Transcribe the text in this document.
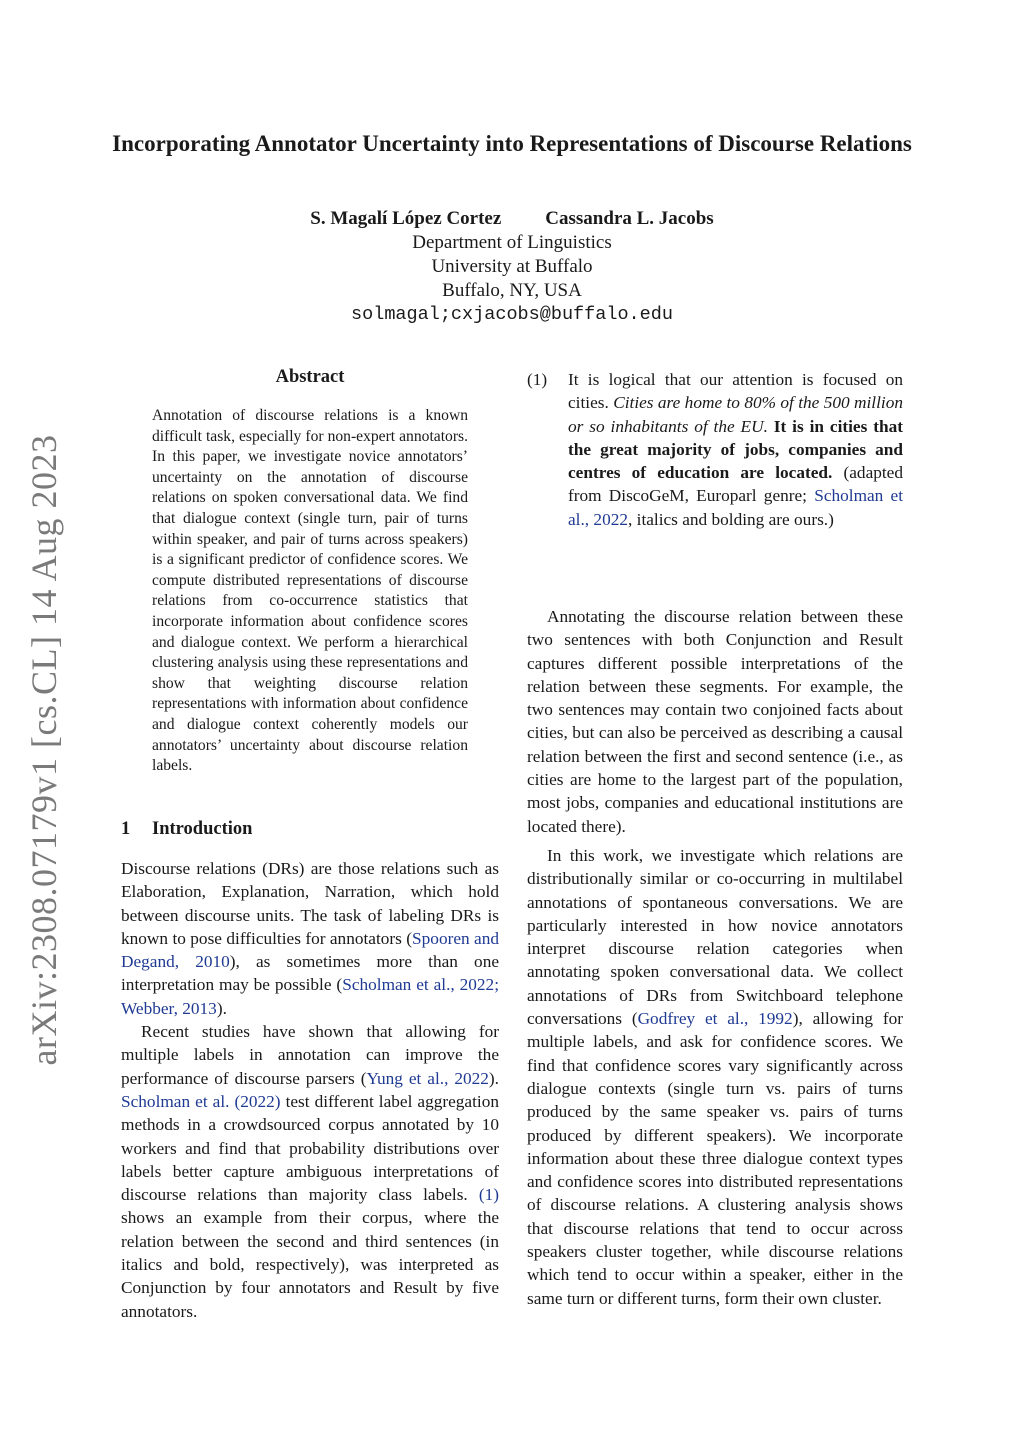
arXiv:2308.07179v1 [cs.CL] 14 Aug 2023
Incorporating Annotator Uncertainty into Representations of Discourse Relations
S. Magalí López Cortez Cassandra L. Jacobs
Department of Linguistics
University at Buffalo
Buffalo, NY, USA
solmagal;cxjacobs@buffalo.edu
Abstract
Annotation of discourse relations is a known difficult task, especially for non-expert annotators. In this paper, we investigate novice annotators’ uncertainty on the annotation of discourse relations on spoken conversational data. We find that dialogue context (single turn, pair of turns within speaker, and pair of turns across speakers) is a significant predictor of confidence scores. We compute distributed representations of discourse relations from co-occurrence statistics that incorporate information about confidence scores and dialogue context. We perform a hierarchical clustering analysis using these representations and show that weighting discourse relation representations with information about confidence and dialogue context coherently models our annotators’ uncertainty about discourse relation labels.
1 Introduction

Discourse relations (DRs) are those relations such as Elaboration, Explanation, Narration, which hold between discourse units. The task of labeling DRs is known to pose difficulties for annotators (Spooren and Degand, 2010), as sometimes more than one interpretation may be possible (Scholman et al., 2022; Webber, 2013).

Recent studies have shown that allowing for multiple labels in annotation can improve the performance of discourse parsers (Yung et al., 2022). Scholman et al. (2022) test different label aggregation methods in a crowdsourced corpus annotated by 10 workers and find that probability distributions over labels better capture ambiguous interpretations of discourse relations than majority class labels. (1) shows an example from their corpus, where the relation between the second and third sentences (in italics and bold, respectively), was interpreted as Conjunction by four annotators and Result by five annotators.

(1) It is logical that our attention is focused on cities. Cities are home to 80% of the 500 million or so inhabitants of the EU. It is in cities that the great majority of jobs, companies and centres of education are located. (adapted from DiscoGeM, Europarl genre; Scholman et al., 2022, italics and bolding are ours.)

Annotating the discourse relation between these two sentences with both Conjunction and Result captures different possible interpretations of the relation between these segments. For example, the two sentences may contain two conjoined facts about cities, but can also be perceived as describing a causal relation between the first and second sentence (i.e., as cities are home to the largest part of the population, most jobs, companies and educational institutions are located there).

In this work, we investigate which relations are distributionally similar or co-occurring in multilabel annotations of spontaneous conversations. We are particularly interested in how novice annotators interpret discourse relation categories when annotating spoken conversational data. We collect annotations of DRs from Switchboard telephone conversations (Godfrey et al., 1992), allowing for multiple labels, and ask for confidence scores. We find that confidence scores vary significantly across dialogue contexts (single turn vs. pairs of turns produced by the same speaker vs. pairs of turns produced by different speakers). We incorporate information about these three dialogue context types and confidence scores into distributed representations of discourse relations. A clustering analysis shows that discourse relations that tend to occur across speakers cluster together, while discourse relations which tend to occur within a speaker, either in the same turn or different turns, form their own cluster.
